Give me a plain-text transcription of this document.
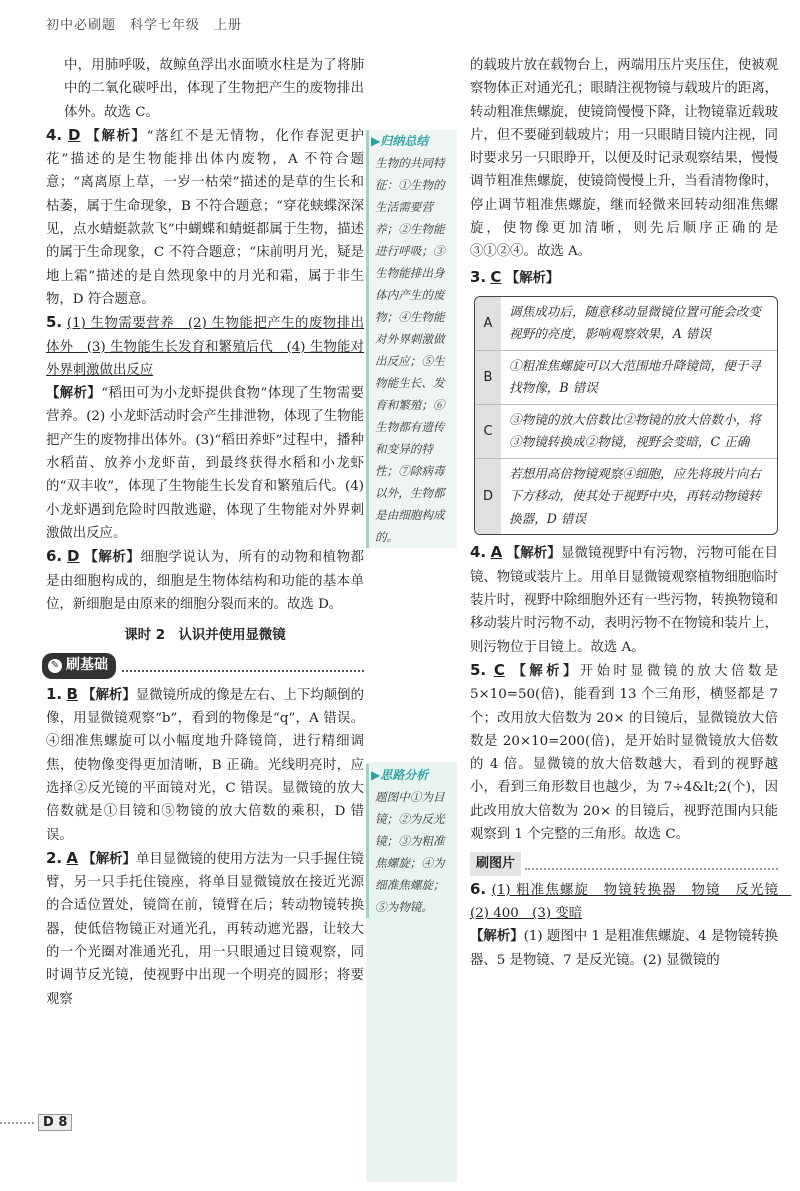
初中必刷题　科学七年级　上册

中，用肺呼吸，故鲸鱼浮出水面喷水柱是为了将肺中的二氧化碳呼出，体现了生物把产生的废物排出体外。故选 C。

4. D 【解析】“落红不是无情物，化作春泥更护花”描述的是生物能排出体内废物，A 不符合题意；“离离原上草，一岁一枯荣”描述的是草的生长和枯萎，属于生命现象，B 不符合题意；“穿花蛱蝶深深见，点水蜻蜓款款飞”中蝴蝶和蜻蜓都属于生物，描述的属于生命现象，C 不符合题意；“床前明月光，疑是地上霜”描述的是自然现象中的月光和霜，属于非生物，D 符合题意。

5. (1) 生物需要营养　(2) 生物能把产生的废物排出体外　(3) 生物能生长发育和繁殖后代　(4) 生物能对外界刺激做出反应

【解析】“稻田可为小龙虾提供食物”体现了生物需要营养。(2) 小龙虾活动时会产生排泄物，体现了生物能把产生的废物排出体外。(3)“稻田养虾”过程中，播种水稻苗、放养小龙虾苗，到最终获得水稻和小龙虾的“双丰收”，体现了生物能生长发育和繁殖后代。(4) 小龙虾遇到危险时四散逃避，体现了生物能对外界刺激做出反应。

6. D 【解析】细胞学说认为，所有的动物和植物都是由细胞构成的，细胞是生物体结构和功能的基本单位，新细胞是由原来的细胞分裂而来的。故选 D。

课时 2　认识并使用显微镜
✎ 刷基础

1. B 【解析】显微镜所成的像是左右、上下均颠倒的像，用显微镜观察“b”，看到的物像是“q”，A 错误。④细准焦螺旋可以小幅度地升降镜筒，进行精细调焦，使物像变得更加清晰，B 正确。光线明亮时，应选择②反光镜的平面镜对光，C 错误。显微镜的放大倍数就是①目镜和⑤物镜的放大倍数的乘积，D 错误。

2. A 【解析】单目显微镜的使用方法为一只手握住镜臂，另一只手托住镜座，将单目显微镜放在接近光源的合适位置处，镜筒在前，镜臂在后；转动物镜转换器，使低倍物镜正对通光孔，再转动遮光器，让较大的一个光圈对准通光孔，用一只眼通过目镜观察，同时调节反光镜，使视野中出现一个明亮的圆形；将要观察

▶归纳总结
生物的共同特征：①生物的生活需要营养；②生物能进行呼吸；③生物能排出身体内产生的废物；④生物能对外界刺激做出反应；⑤生物能生长、发育和繁殖；⑥生物都有遗传和变异的特性；⑦除病毒以外，生物都是由细胞构成的。
▶思路分析
题图中①为目镜；②为反光镜；③为粗准焦螺旋；④为细准焦螺旋；⑤为物镜。

的载玻片放在载物台上，两端用压片夹压住，使被观察物体正对通光孔；眼睛注视物镜与载玻片的距离，转动粗准焦螺旋，使镜筒慢慢下降，让物镜靠近载玻片，但不要碰到载玻片；用一只眼睛目镜内注视，同时要求另一只眼睁开，以便及时记录观察结果，慢慢调节粗准焦螺旋，使镜筒慢慢上升，当看清物像时，停止调节粗准焦螺旋，继而轻微来回转动细准焦螺旋，使物像更加清晰，则先后顺序正确的是③①②④。故选 A。

3. C 【解析】

A
调焦成功后，随意移动显微镜位置可能会改变视野的亮度，影响观察效果，A 错误
B
①粗准焦螺旋可以大范围地升降镜筒，便于寻找物像，B 错误
C
③物镜的放大倍数比②物镜的放大倍数小，将③物镜转换成②物镜，视野会变暗，C 正确
D
若想用高倍物镜观察④细胞，应先将玻片向右下方移动，使其处于视野中央，再转动物镜转换器，D 错误

4. A 【解析】显微镜视野中有污物，污物可能在目镜、物镜或装片上。用单目显微镜观察植物细胞临时装片时，视野中除细胞外还有一些污物，转换物镜和移动装片时污物不动，表明污物不在物镜和装片上，则污物位于目镜上。故选 A。

5. C 【解析】开始时显微镜的放大倍数是 5×10=50(倍)，能看到 13 个三角形，横竖都是 7 个；改用放大倍数为 20× 的目镜后，显微镜放大倍数是 20×10=200(倍)，是开始时显微镜放大倍数的 4 倍。显微镜的放大倍数越大，看到的视野越小，看到三角形数目也越少，为 7÷4&lt;2(个)，因此改用放大倍数为 20× 的目镜后，视野范围内只能观察到 1 个完整的三角形。故选 C。

刷图片

6. (1) 粗准焦螺旋　物镜转换器　物镜　反光镜　(2) 400　(3) 变暗

【解析】(1) 题图中 1 是粗准焦螺旋、4 是物镜转换器、5 是物镜、7 是反光镜。(2) 显微镜的

D 8
